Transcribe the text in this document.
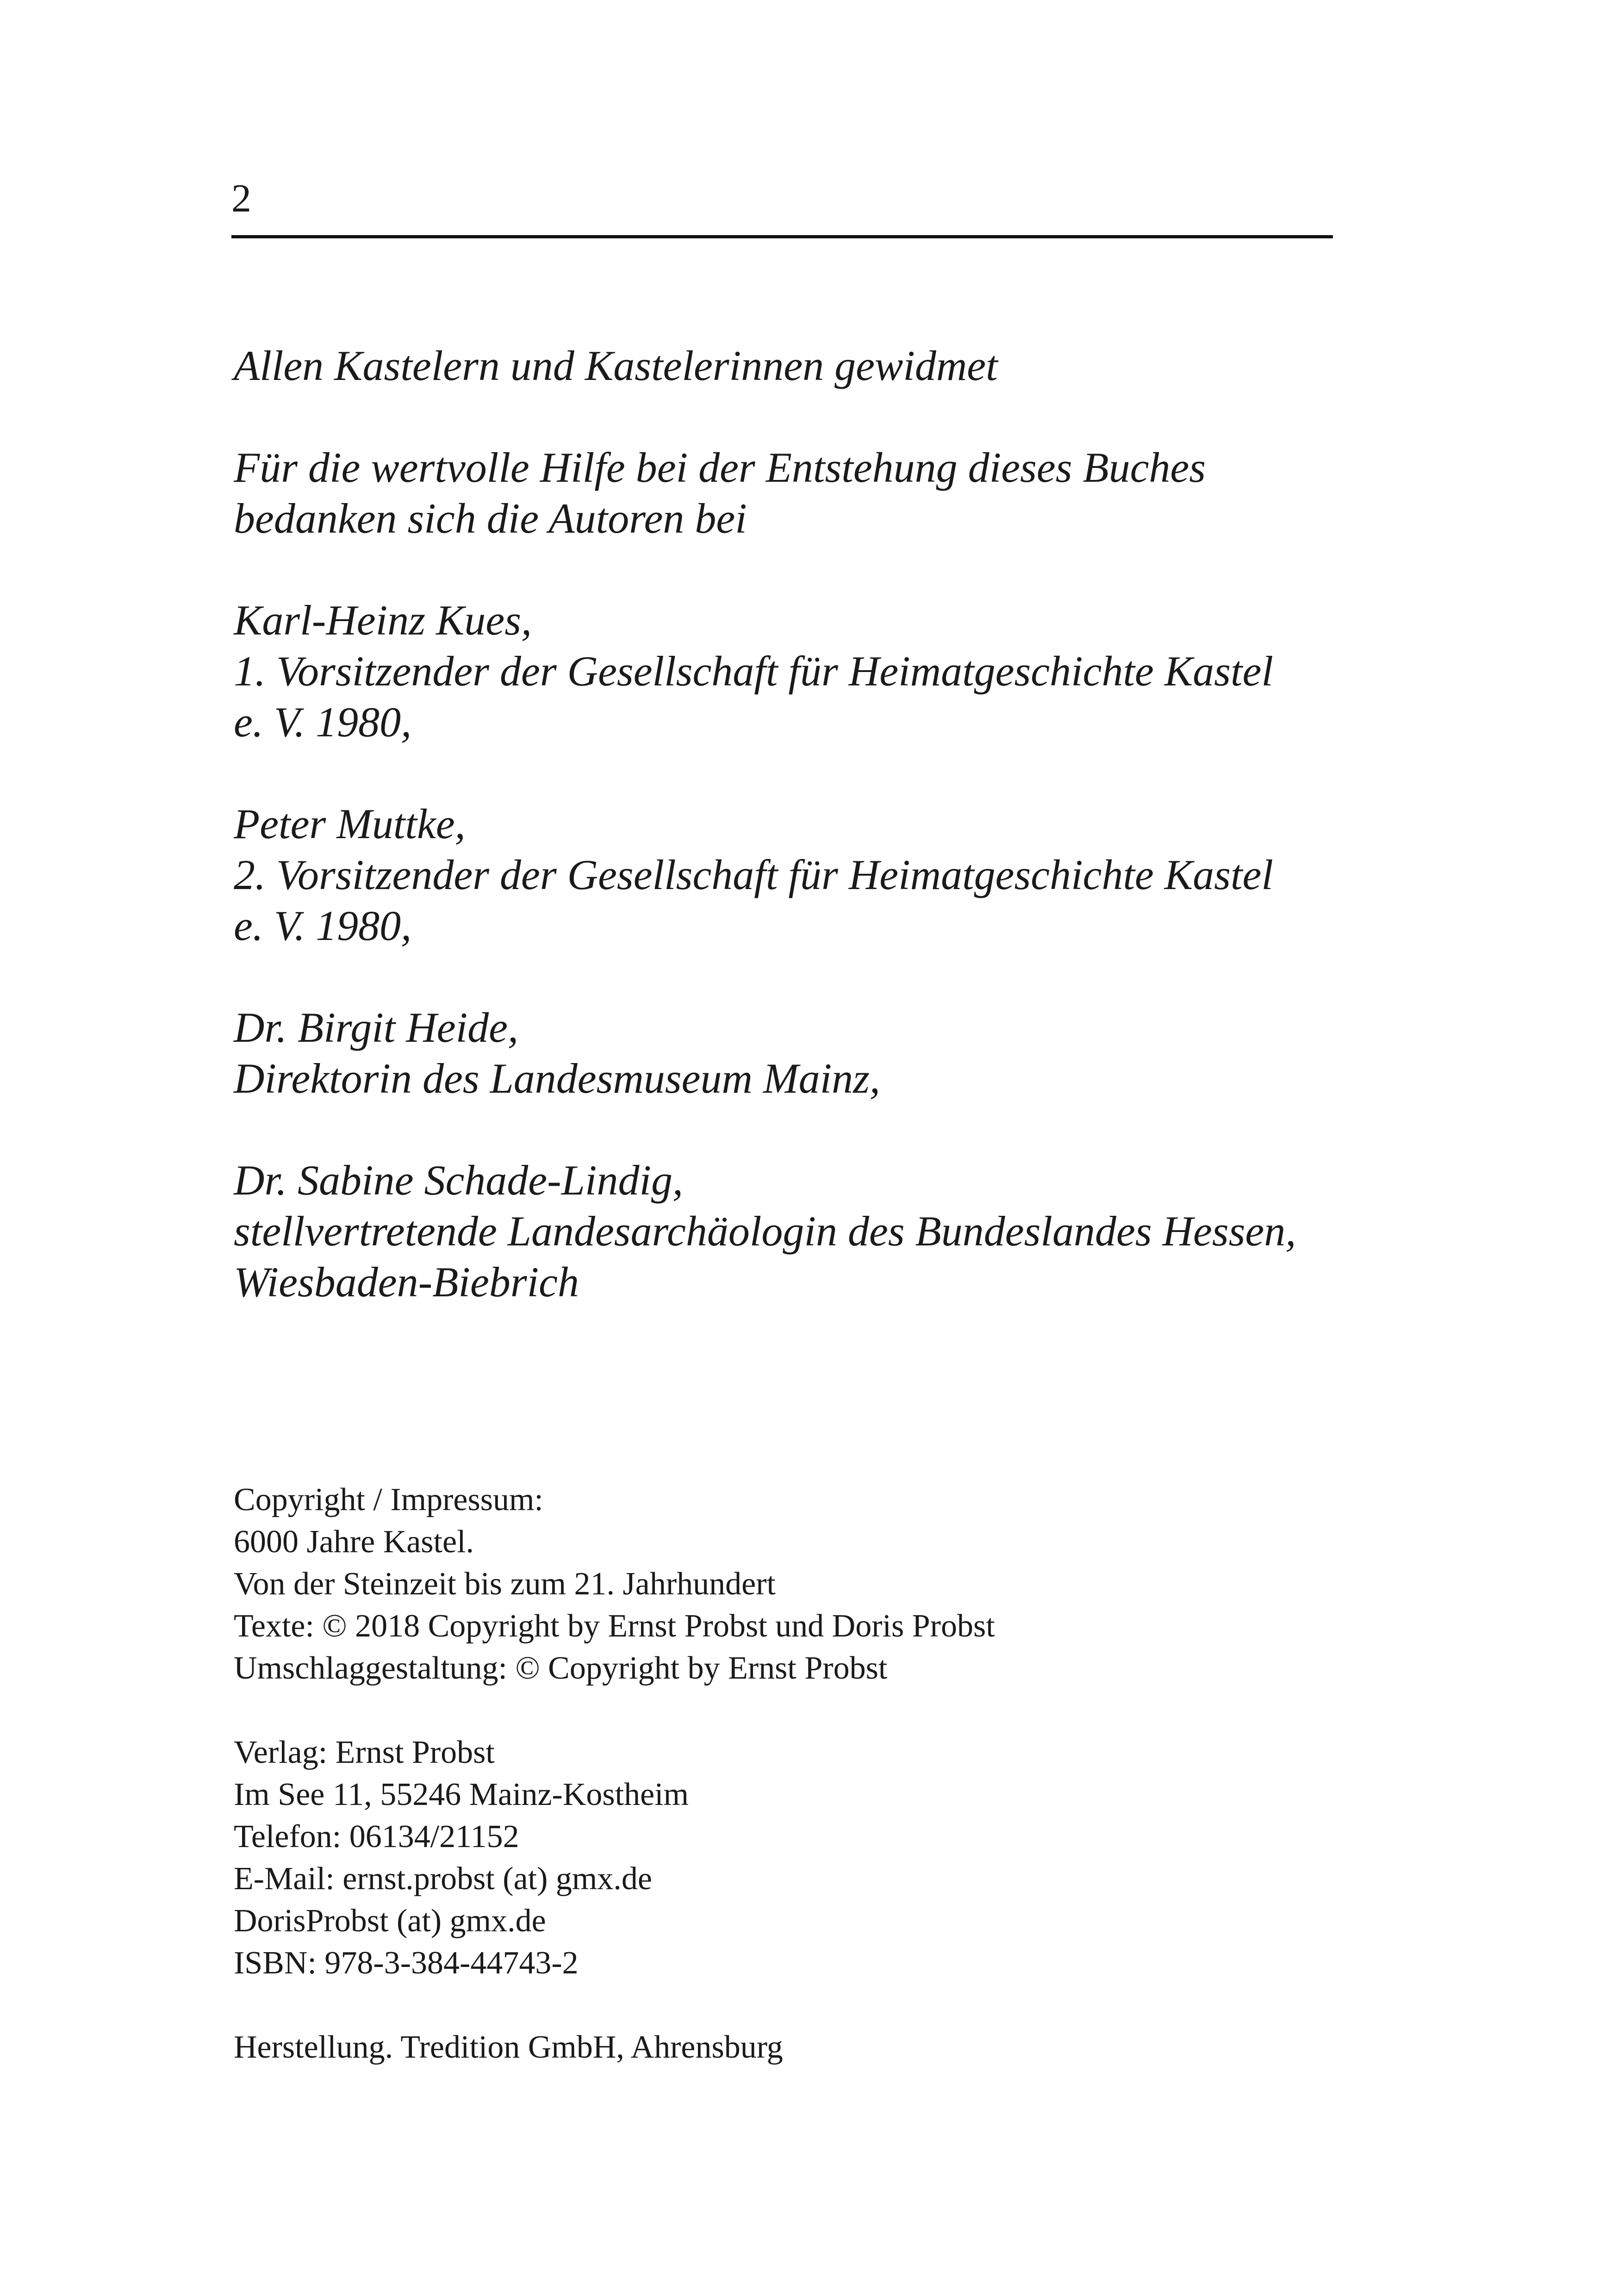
2

Allen Kastelern und Kastelerinnen gewidmet

Für die wertvolle Hilfe bei der Entstehung dieses Buches
bedanken sich die Autoren bei

Karl-Heinz Kues,
1. Vorsitzender der Gesellschaft für Heimatgeschichte Kastel
e. V. 1980,

Peter Muttke,
2. Vorsitzender der Gesellschaft für Heimatgeschichte Kastel
e. V. 1980,

Dr. Birgit Heide,
Direktorin des Landesmuseum Mainz,

Dr. Sabine Schade-Lindig,
stellvertretende Landesarchäologin des Bundeslandes Hessen,
Wiesbaden-Biebrich

Copyright / Impressum:
6000 Jahre Kastel.
Von der Steinzeit bis zum 21. Jahrhundert
Texte: © 2018 Copyright by Ernst Probst und Doris Probst
Umschlaggestaltung: © Copyright by Ernst Probst
Verlag: Ernst Probst
Im See 11, 55246 Mainz-Kostheim
Telefon: 06134/21152
E-Mail: ernst.probst (at) gmx.de
DorisProbst (at) gmx.de
ISBN: 978-3-384-44743-2
Herstellung. Tredition GmbH, Ahrensburg
